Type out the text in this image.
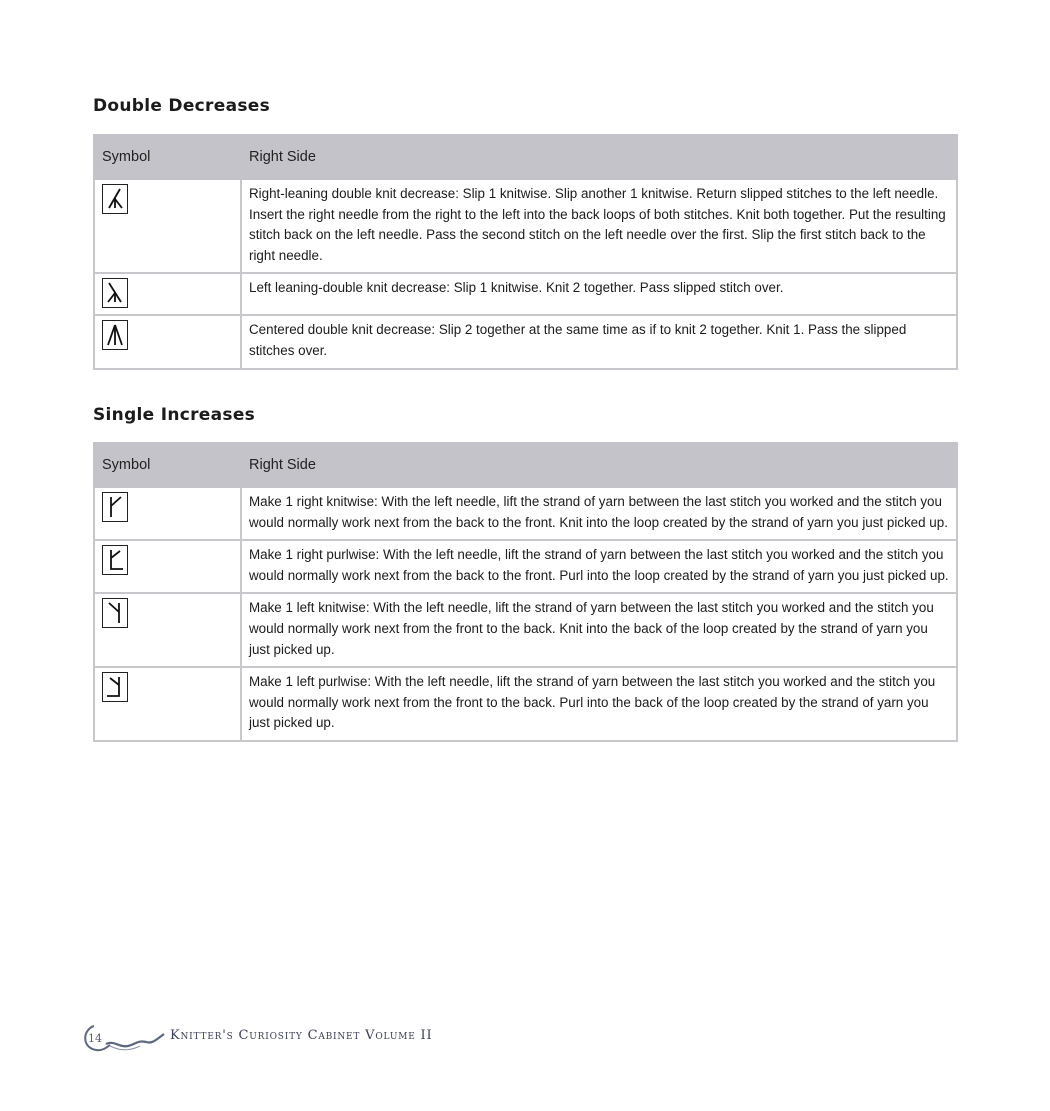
Double Decreases
Symbol	Right Side

	Right-leaning double knit decrease: Slip 1 knitwise. Slip another 1 knitwise. Return slipped stitches to the left needle. Insert the right needle from the right to the left into the back loops of both stitches. Knit both together. Put the resulting stitch back on the left needle. Pass the second stitch on the left needle over the first. Slip the first stitch back to the right needle.

	Left leaning-double knit decrease: Slip 1 knitwise. Knit 2 together. Pass slipped stitch over.

	Centered double knit decrease: Slip 2 together at the same time as if to knit 2 together. Knit 1. Pass the slipped stitches over.
Single Increases
Symbol	Right Side

	Make 1 right knitwise: With the left needle, lift the strand of yarn between the last stitch you worked and the stitch you would normally work next from the back to the front. Knit into the loop created by the strand of yarn you just picked up.

	Make 1 right purlwise: With the left needle, lift the strand of yarn between the last stitch you worked and the stitch you would normally work next from the back to the front. Purl into the loop created by the strand of yarn you just picked up.

	Make 1 left knitwise: With the left needle, lift the strand of yarn between the last stitch you worked and the stitch you would normally work next from the front to the back. Knit into the back of the loop created by the strand of yarn you just picked up.

	Make 1 left purlwise: With the left needle, lift the strand of yarn between the last stitch you worked and the stitch you would normally work next from the front to the back. Purl into the back of the loop created by the strand of yarn you just picked up.
14	Knitter's Curiosity Cabinet Volume II
